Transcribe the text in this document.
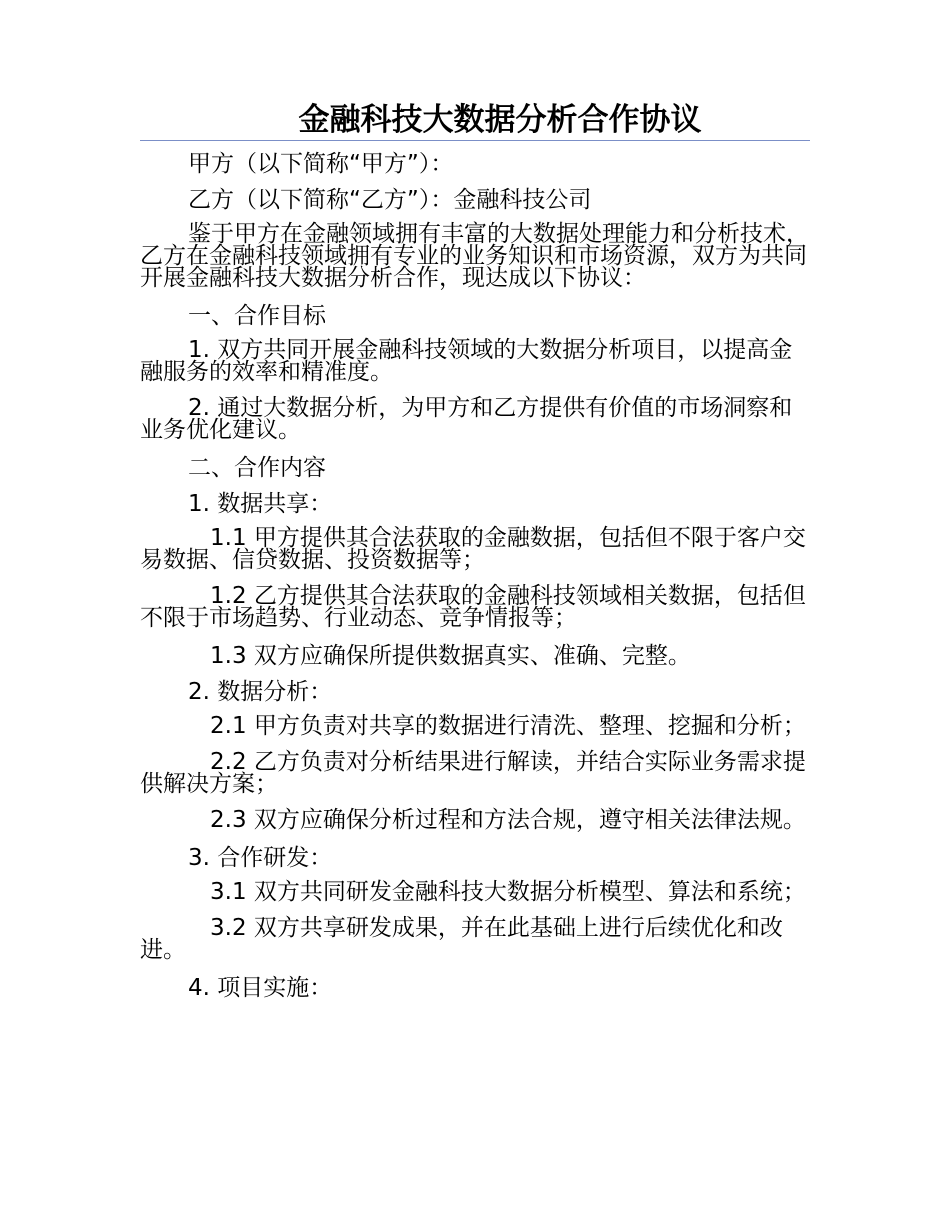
金融科技大数据分析合作协议

甲方（以下简称“甲方”）：

乙方（以下简称“乙方”）：金融科技公司

鉴于甲方在金融领域拥有丰富的大数据处理能力和分析技术，乙方在金融科技领域拥有专业的业务知识和市场资源，双方为共同开展金融科技大数据分析合作，现达成以下协议：

一、合作目标

1. 双方共同开展金融科技领域的大数据分析项目，以提高金融服务的效率和精准度。

2. 通过大数据分析，为甲方和乙方提供有价值的市场洞察和业务优化建议。

二、合作内容

1. 数据共享：

1.1 甲方提供其合法获取的金融数据，包括但不限于客户交易数据、信贷数据、投资数据等；

1.2 乙方提供其合法获取的金融科技领域相关数据，包括但不限于市场趋势、行业动态、竞争情报等；

1.3 双方应确保所提供数据真实、准确、完整。

2. 数据分析：

2.1 甲方负责对共享的数据进行清洗、整理、挖掘和分析；

2.2 乙方负责对分析结果进行解读，并结合实际业务需求提供解决方案；

2.3 双方应确保分析过程和方法合规，遵守相关法律法规。

3. 合作研发：

3.1 双方共同研发金融科技大数据分析模型、算法和系统；

3.2 双方共享研发成果，并在此基础上进行后续优化和改进。

4. 项目实施：
